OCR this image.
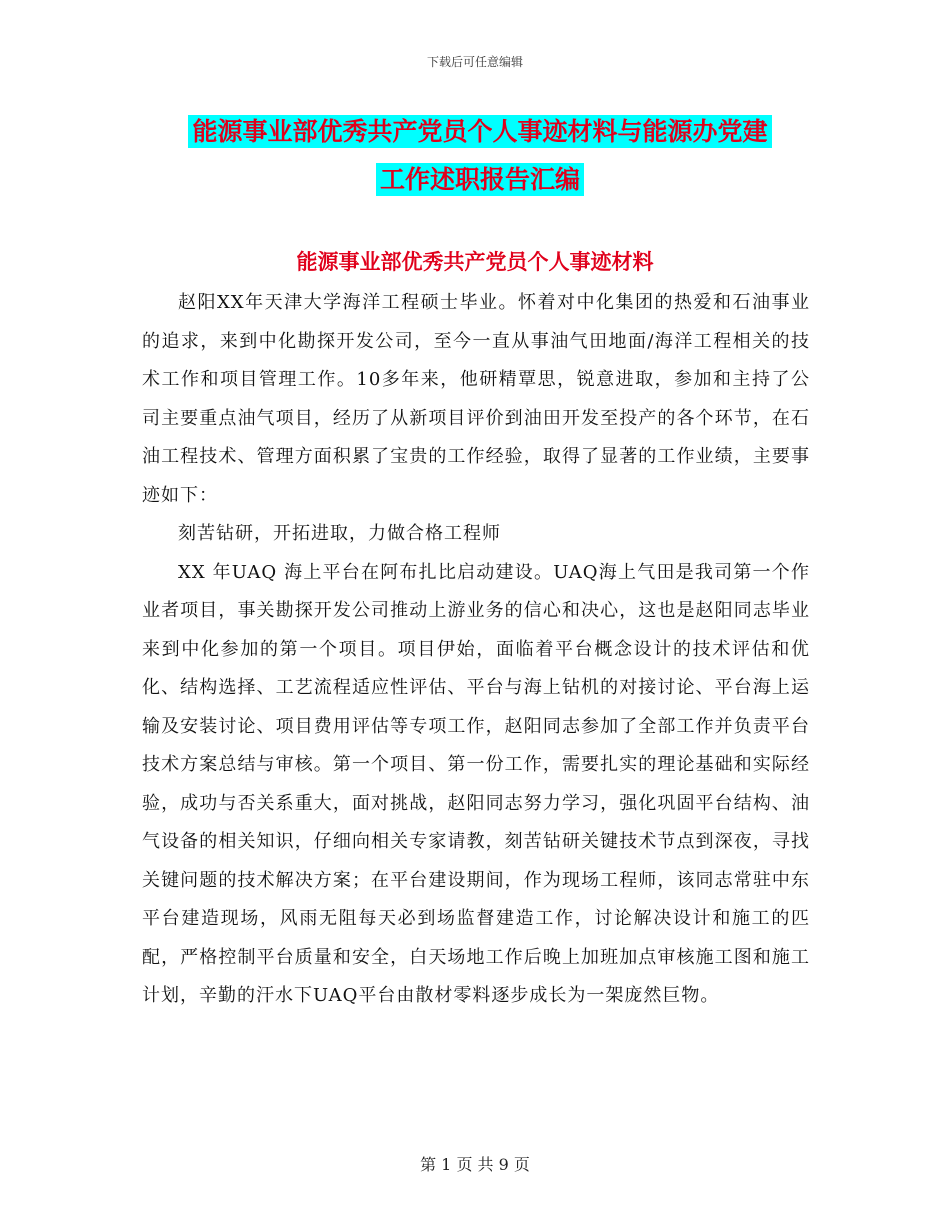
下载后可任意编辑
能源事业部优秀共产党员个人事迹材料与能源办党建
工作述职报告汇编
能源事业部优秀共产党员个人事迹材料

赵阳XX年天津大学海洋工程硕士毕业。怀着对中化集团的热爱和石油事业的追求，来到中化勘探开发公司，至今一直从事油气田地面/海洋工程相关的技术工作和项目管理工作。10多年来，他研精覃思，锐意进取，参加和主持了公司主要重点油气项目，经历了从新项目评价到油田开发至投产的各个环节，在石油工程技术、管理方面积累了宝贵的工作经验，取得了显著的工作业绩，主要事迹如下：

刻苦钻研，开拓进取，力做合格工程师

XX 年UAQ 海上平台在阿布扎比启动建设。UAQ海上气田是我司第一个作业者项目，事关勘探开发公司推动上游业务的信心和决心，这也是赵阳同志毕业来到中化参加的第一个项目。项目伊始，面临着平台概念设计的技术评估和优化、结构选择、工艺流程适应性评估、平台与海上钻机的对接讨论、平台海上运输及安装讨论、项目费用评估等专项工作，赵阳同志参加了全部工作并负责平台技术方案总结与审核。第一个项目、第一份工作，需要扎实的理论基础和实际经验，成功与否关系重大，面对挑战，赵阳同志努力学习，强化巩固平台结构、油气设备的相关知识，仔细向相关专家请教，刻苦钻研关键技术节点到深夜，寻找关键问题的技术解决方案；在平台建设期间，作为现场工程师，该同志常驻中东平台建造现场，风雨无阻每天必到场监督建造工作，讨论解决设计和施工的匹配，严格控制平台质量和安全，白天场地工作后晚上加班加点审核施工图和施工计划，辛勤的汗水下UAQ平台由散材零料逐步成长为一架庞然巨物。

第 1 页 共 9 页
